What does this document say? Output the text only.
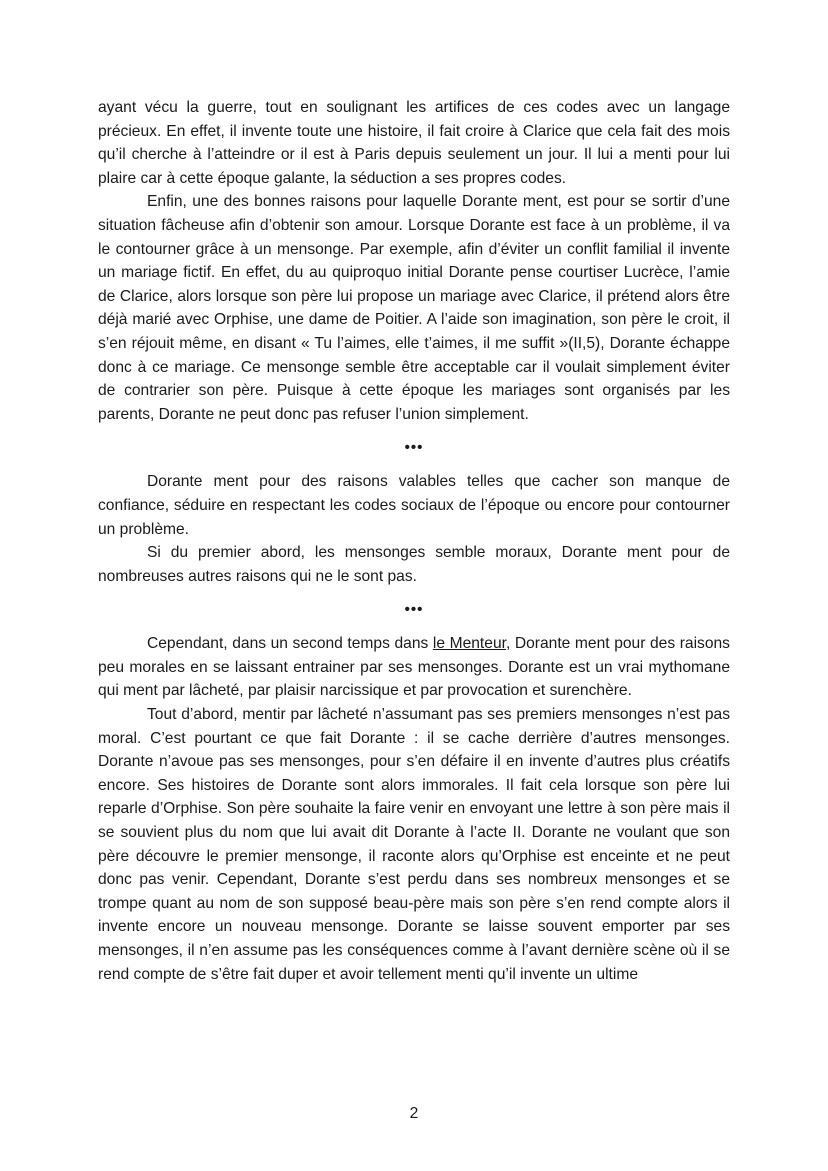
ayant vécu la guerre, tout en soulignant les artifices de ces codes avec un langage précieux. En effet, il invente toute une histoire, il fait croire à Clarice que cela fait des mois qu’il cherche à l’atteindre or il est à Paris depuis seulement un jour. Il lui a menti pour lui plaire car à cette époque galante, la séduction a ses propres codes.

Enfin, une des bonnes raisons pour laquelle Dorante ment, est pour se sortir d’une situation fâcheuse afin d’obtenir son amour. Lorsque Dorante est face à un problème, il va le contourner grâce à un mensonge. Par exemple, afin d’éviter un conflit familial il invente un mariage fictif. En effet, du au quiproquo initial Dorante pense courtiser Lucrèce, l’amie de Clarice, alors lorsque son père lui propose un mariage avec Clarice, il prétend alors être déjà marié avec Orphise, une dame de Poitier. A l’aide son imagination, son père le croit, il s’en réjouit même, en disant « Tu l’aimes, elle t’aimes, il me suffit »(II,5), Dorante échappe donc à ce mariage. Ce mensonge semble être acceptable car il voulait simplement éviter de contrarier son père. Puisque à cette époque les mariages sont organisés par les parents, Dorante ne peut donc pas refuser l’union simplement.

•••

Dorante ment pour des raisons valables telles que cacher son manque de confiance, séduire en respectant les codes sociaux de l’époque ou encore pour contourner un problème.

Si du premier abord, les mensonges semble moraux, Dorante ment pour de nombreuses autres raisons qui ne le sont pas.

•••

Cependant, dans un second temps dans le Menteur, Dorante ment pour des raisons peu morales en se laissant entrainer par ses mensonges. Dorante est un vrai mythomane qui ment par lâcheté, par plaisir narcissique et par provocation et surenchère.

Tout d’abord, mentir par lâcheté n’assumant pas ses premiers mensonges n’est pas moral. C’est pourtant ce que fait Dorante : il se cache derrière d’autres mensonges. Dorante n’avoue pas ses mensonges, pour s’en défaire il en invente d’autres plus créatifs encore. Ses histoires de Dorante sont alors immorales. Il fait cela lorsque son père lui reparle d’Orphise. Son père souhaite la faire venir en envoyant une lettre à son père mais il se souvient plus du nom que lui avait dit Dorante à l’acte II. Dorante ne voulant que son père découvre le premier mensonge, il raconte alors qu’Orphise est enceinte et ne peut donc pas venir. Cependant, Dorante s’est perdu dans ses nombreux mensonges et se trompe quant au nom de son supposé beau-père mais son père s’en rend compte alors il invente encore un nouveau mensonge. Dorante se laisse souvent emporter par ses mensonges, il n’en assume pas les conséquences comme à l’avant dernière scène où il se rend compte de s’être fait duper et avoir tellement menti qu’il invente un ultime

2
